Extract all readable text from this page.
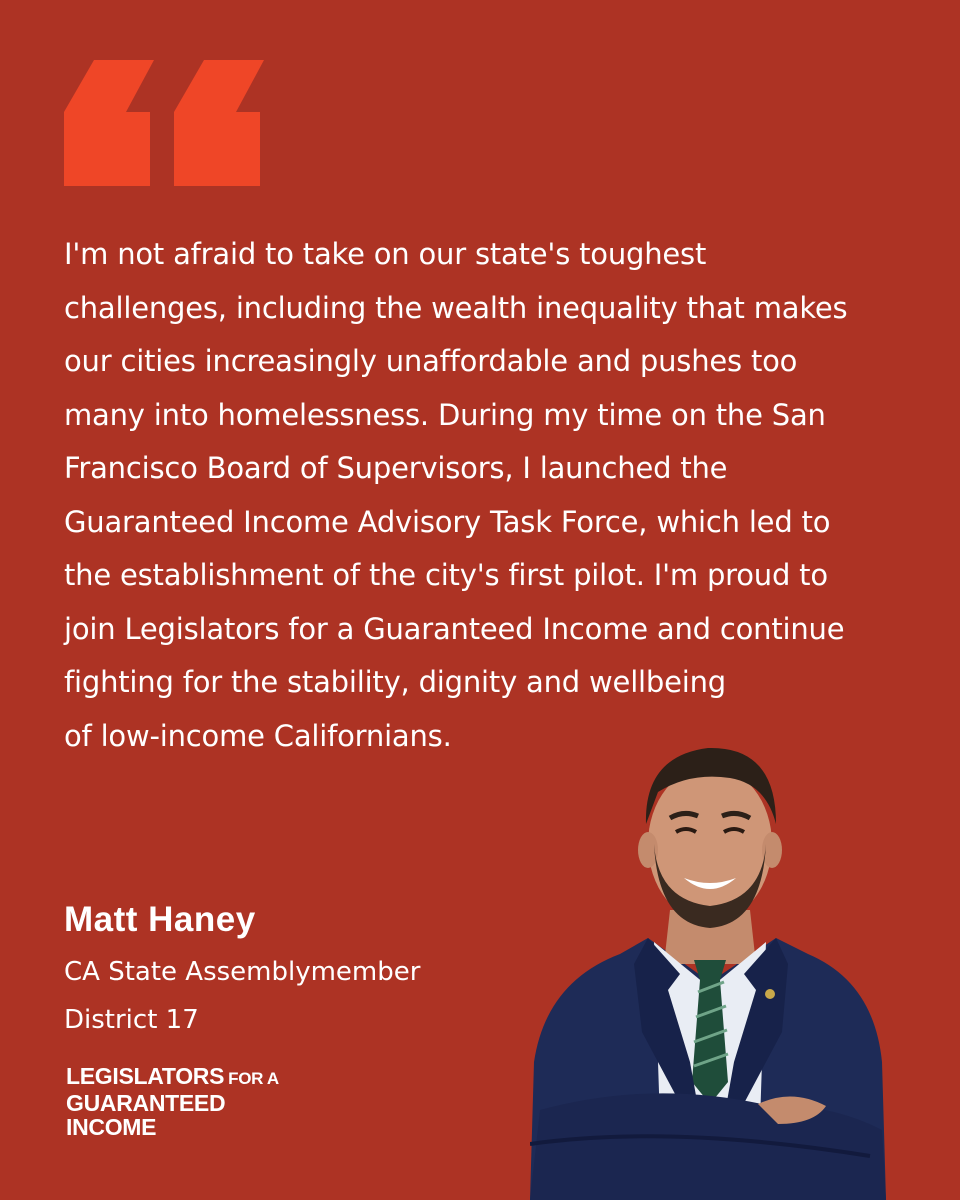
I'm not afraid to take on our state's toughest
challenges, including the wealth inequality that makes
our cities increasingly unaffordable and pushes too
many into homelessness. During my time on the San
Francisco Board of Supervisors, I launched the
Guaranteed Income Advisory Task Force, which led to
the establishment of the city's first pilot. I'm proud to
join Legislators for a Guaranteed Income and continue
fighting for the stability, dignity and wellbeing
of low-income Californians.

Matt Haney
CA State Assemblymember
District 17
LEGISLATORS FOR A
GUARANTEED
INCOME
